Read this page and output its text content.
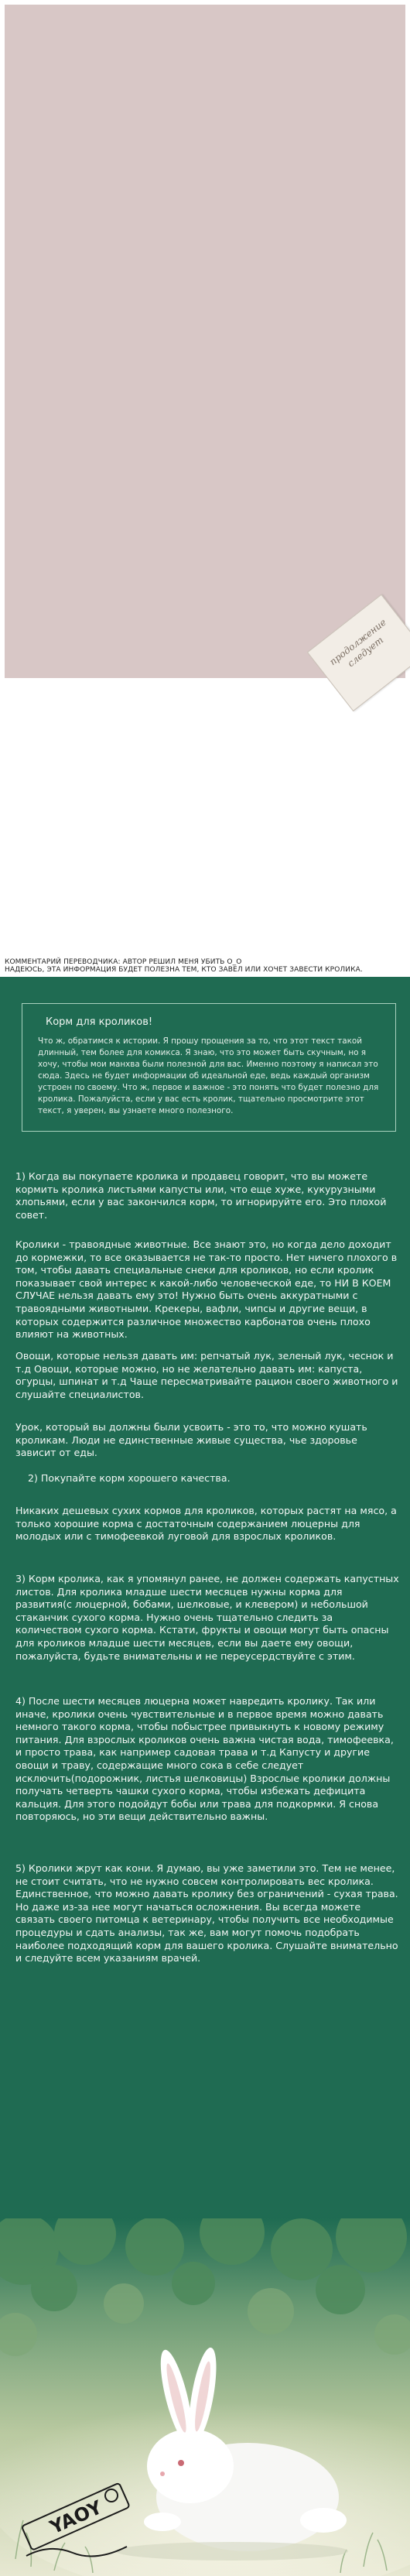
продолжение следует
КОММЕНТАРИЙ ПЕРЕВОДЧИКА: АВТОР РЕШИЛ МЕНЯ УБИТЬ О_О
НАДЕЮСЬ, ЭТА ИНФОРМАЦИЯ БУДЕТ ПОЛЕЗНА ТЕМ, КТО ЗАВЕЛ ИЛИ ХОЧЕТ ЗАВЕСТИ КРОЛИКА.
Корм для кроликов!

Что ж, обратимся к истории. Я прошу прощения за то, что этот текст такой длинный, тем более для комикса. Я знаю, что это может быть скучным, но я хочу, чтобы мои манхва были полезной для вас. Именно поэтому я написал это сюда. Здесь не будет информации об идеальной еде, ведь каждый организм устроен по своему. Что ж, первое и важное - это понять что будет полезно для кролика. Пожалуйста, если у вас есть кролик, тщательно просмотрите этот текст, я уверен, вы узнаете много полезного.

1) Когда вы покупаете кролика и продавец говорит, что вы можете кормить кролика листьями капусты или, что еще хуже, кукурузными хлопьями, если у вас закончился корм, то игнорируйте его. Это плохой совет.

Кролики - травоядные животные. Все знают это, но когда дело доходит до кормежки, то все оказывается не так-то просто. Нет ничего плохого в том, чтобы давать специальные снеки для кроликов, но если кролик показывает свой интерес к какой-либо человеческой еде, то НИ В КОЕМ СЛУЧАЕ нельзя давать ему это! Нужно быть очень аккуратными с травоядными животными. Крекеры, вафли, чипсы и другие вещи, в которых содержится различное множество карбонатов очень плохо влияют на животных.

Овощи, которые нельзя давать им: репчатый лук, зеленый лук, чеснок и т.д Овощи, которые можно, но не желательно давать им: капуста, огурцы, шпинат и т.д Чаще пересматривайте рацион своего животного и слушайте специалистов.

Урок, который вы должны были усвоить - это то, что можно кушать кроликам. Люди не единственные живые существа, чье здоровье зависит от еды.

2) Покупайте корм хорошего качества.

Никаких дешевых сухих кормов для кроликов, которых растят на мясо, а только хорошие корма с достаточным содержанием люцерны для молодых или с тимофеевкой луговой для взрослых кроликов.

3) Корм кролика, как я упомянул ранее, не должен содержать капустных листов. Для кролика младше шести месяцев нужны корма для развития(с люцерной, бобами, шелковые, и клевером) и небольшой стаканчик сухого корма. Нужно очень тщательно следить за количеством сухого корма. Кстати, фрукты и овощи могут быть опасны для кроликов младше шести месяцев, если вы даете ему овощи, пожалуйста, будьте внимательны и не переусердствуйте с этим.

4) После шести месяцев люцерна может навредить кролику. Так или иначе, кролики очень чувствительные и в первое время можно давать немного такого корма, чтобы побыстрее привыкнуть к новому режиму питания. Для взрослых кроликов очень важна чистая вода, тимофеевка, и просто трава, как например садовая трава и т.д Капусту и другие овощи и траву, содержащие много сока в себе следует исключить(подорожник, листья шелковицы) Взрослые кролики должны получать четверть чашки сухого корма, чтобы избежать дефицита кальция. Для этого подойдут бобы или трава для подкормки. Я снова повторяюсь, но эти вещи действительно важны.

5) Кролики жрут как кони. Я думаю, вы уже заметили это. Тем не менее, не стоит считать, что не нужно совсем контролировать вес кролика. Единственное, что можно давать кролику без ограничений - сухая трава. Но даже из-за нее могут начаться осложнения. Вы всегда можете связать своего питомца к ветеринару, чтобы получить все необходимые процедуры и сдать анализы, так же, вам могут помочь подобрать наиболее подходящий корм для вашего кролика. Слушайте внимательно и следуйте всем указаниям врачей.

YAOY
